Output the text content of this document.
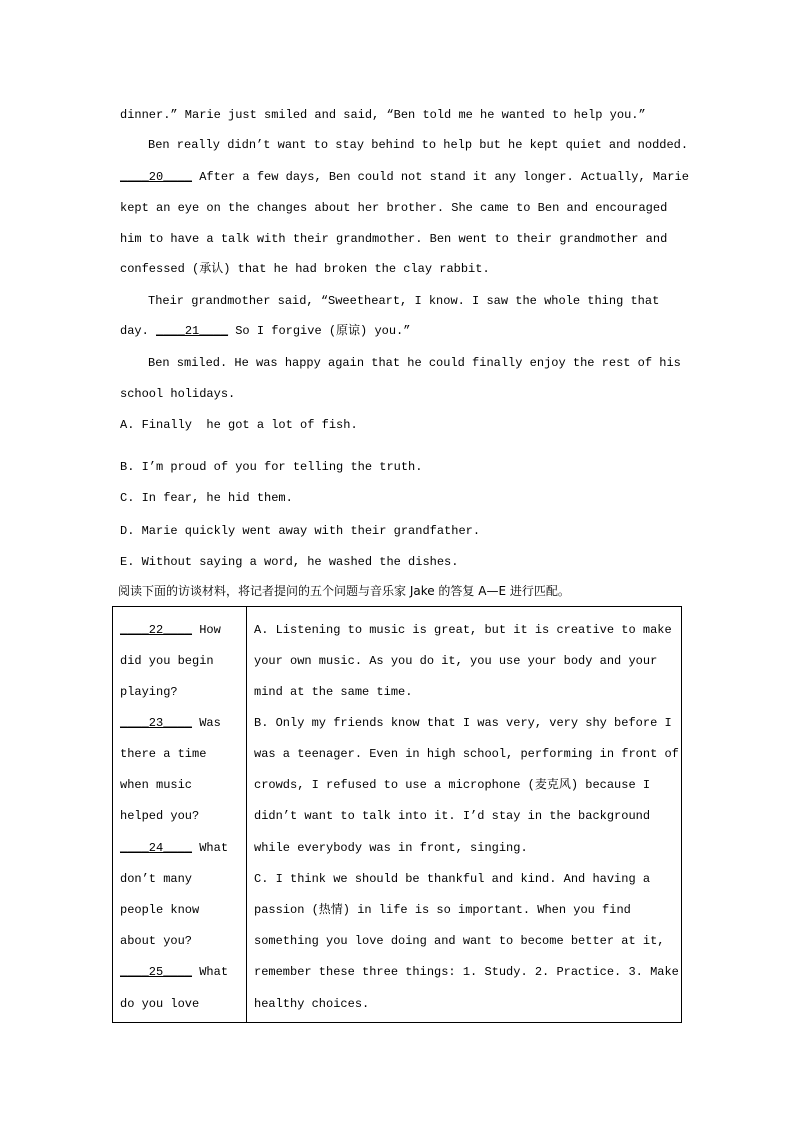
dinner.” Marie just smiled and said, “Ben told me he wanted to help you.”
Ben really didn’t want to stay behind to help but he kept quiet and nodded.
____20____ After a few days, Ben could not stand it any longer. Actually, Marie
kept an eye on the changes about her brother. She came to Ben and encouraged
him to have a talk with their grandmother. Ben went to their grandmother and
confessed (承认) that he had broken the clay rabbit.
Their grandmother said, “Sweetheart, I know. I saw the whole thing that
day. ____21____ So I forgive (原谅) you.”
Ben smiled. He was happy again that he could finally enjoy the rest of his
school holidays.
A. Finally  he got a lot of fish.
B. I’m proud of you for telling the truth.
C. In fear, he hid them.
D. Marie quickly went away with their grandfather.
E. Without saying a word, he washed the dishes.
阅读下面的访谈材料，将记者提问的五个问题与音乐家 Jake 的答复 A—E 进行匹配。
____22____ How
did you begin
playing?
____23____ Was
there a time
when music
helped you?
____24____ What
don’t many
people know
about you?
____25____ What
do you love
A. Listening to music is great, but it is creative to make
your own music. As you do it, you use your body and your
mind at the same time.
B. Only my friends know that I was very, very shy before I
was a teenager. Even in high school, performing in front of
crowds, I refused to use a microphone (麦克风) because I
didn’t want to talk into it. I’d stay in the background
while everybody was in front, singing.
C. I think we should be thankful and kind. And having a
passion (热情) in life is so important. When you find
something you love doing and want to become better at it,
remember these three things: 1. Study. 2. Practice. 3. Make
healthy choices.
